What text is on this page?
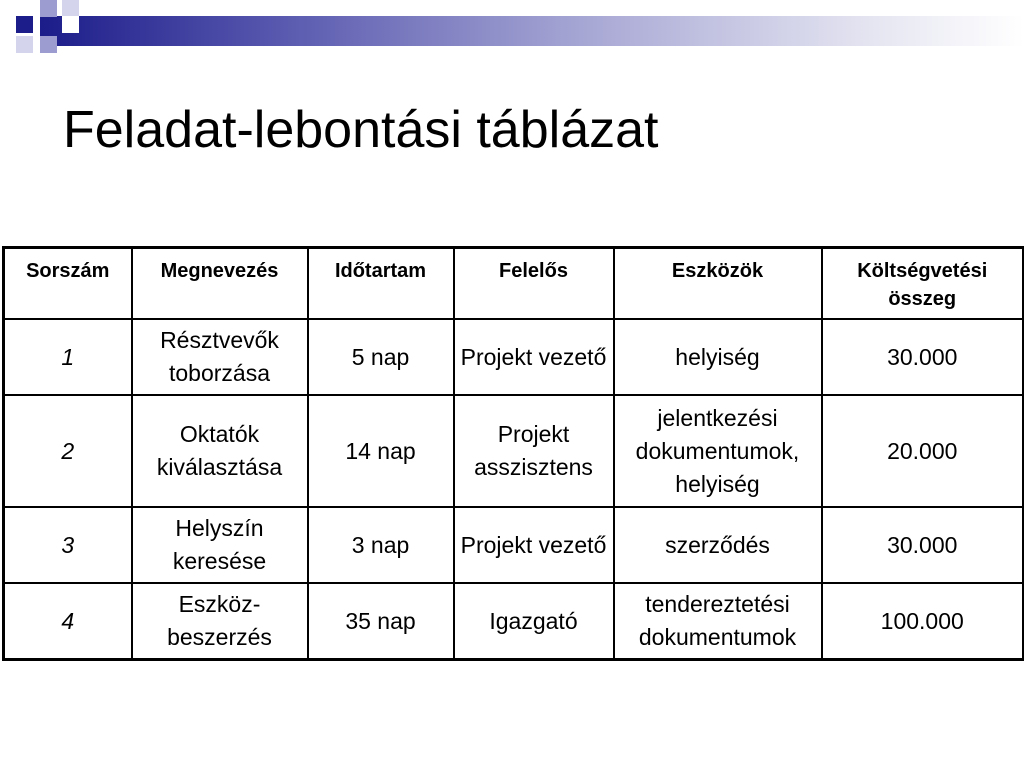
Feladat-lebontási táblázat
Sorszám	Megnevezés	Időtartam	Felelős	Eszközök	Költségvetési összeg

1	Résztvevők toborzása	5 nap	Projekt vezető	helyiség	30.000
2	Oktatók kiválasztása	14 nap	Projekt asszisztens	jelentkezési dokumentumok, helyiség	20.000
3	Helyszín keresése	3 nap	Projekt vezető	szerződés	30.000
4	Eszköz-beszerzés	35 nap	Igazgató	tendereztetési dokumentumok	100.000
